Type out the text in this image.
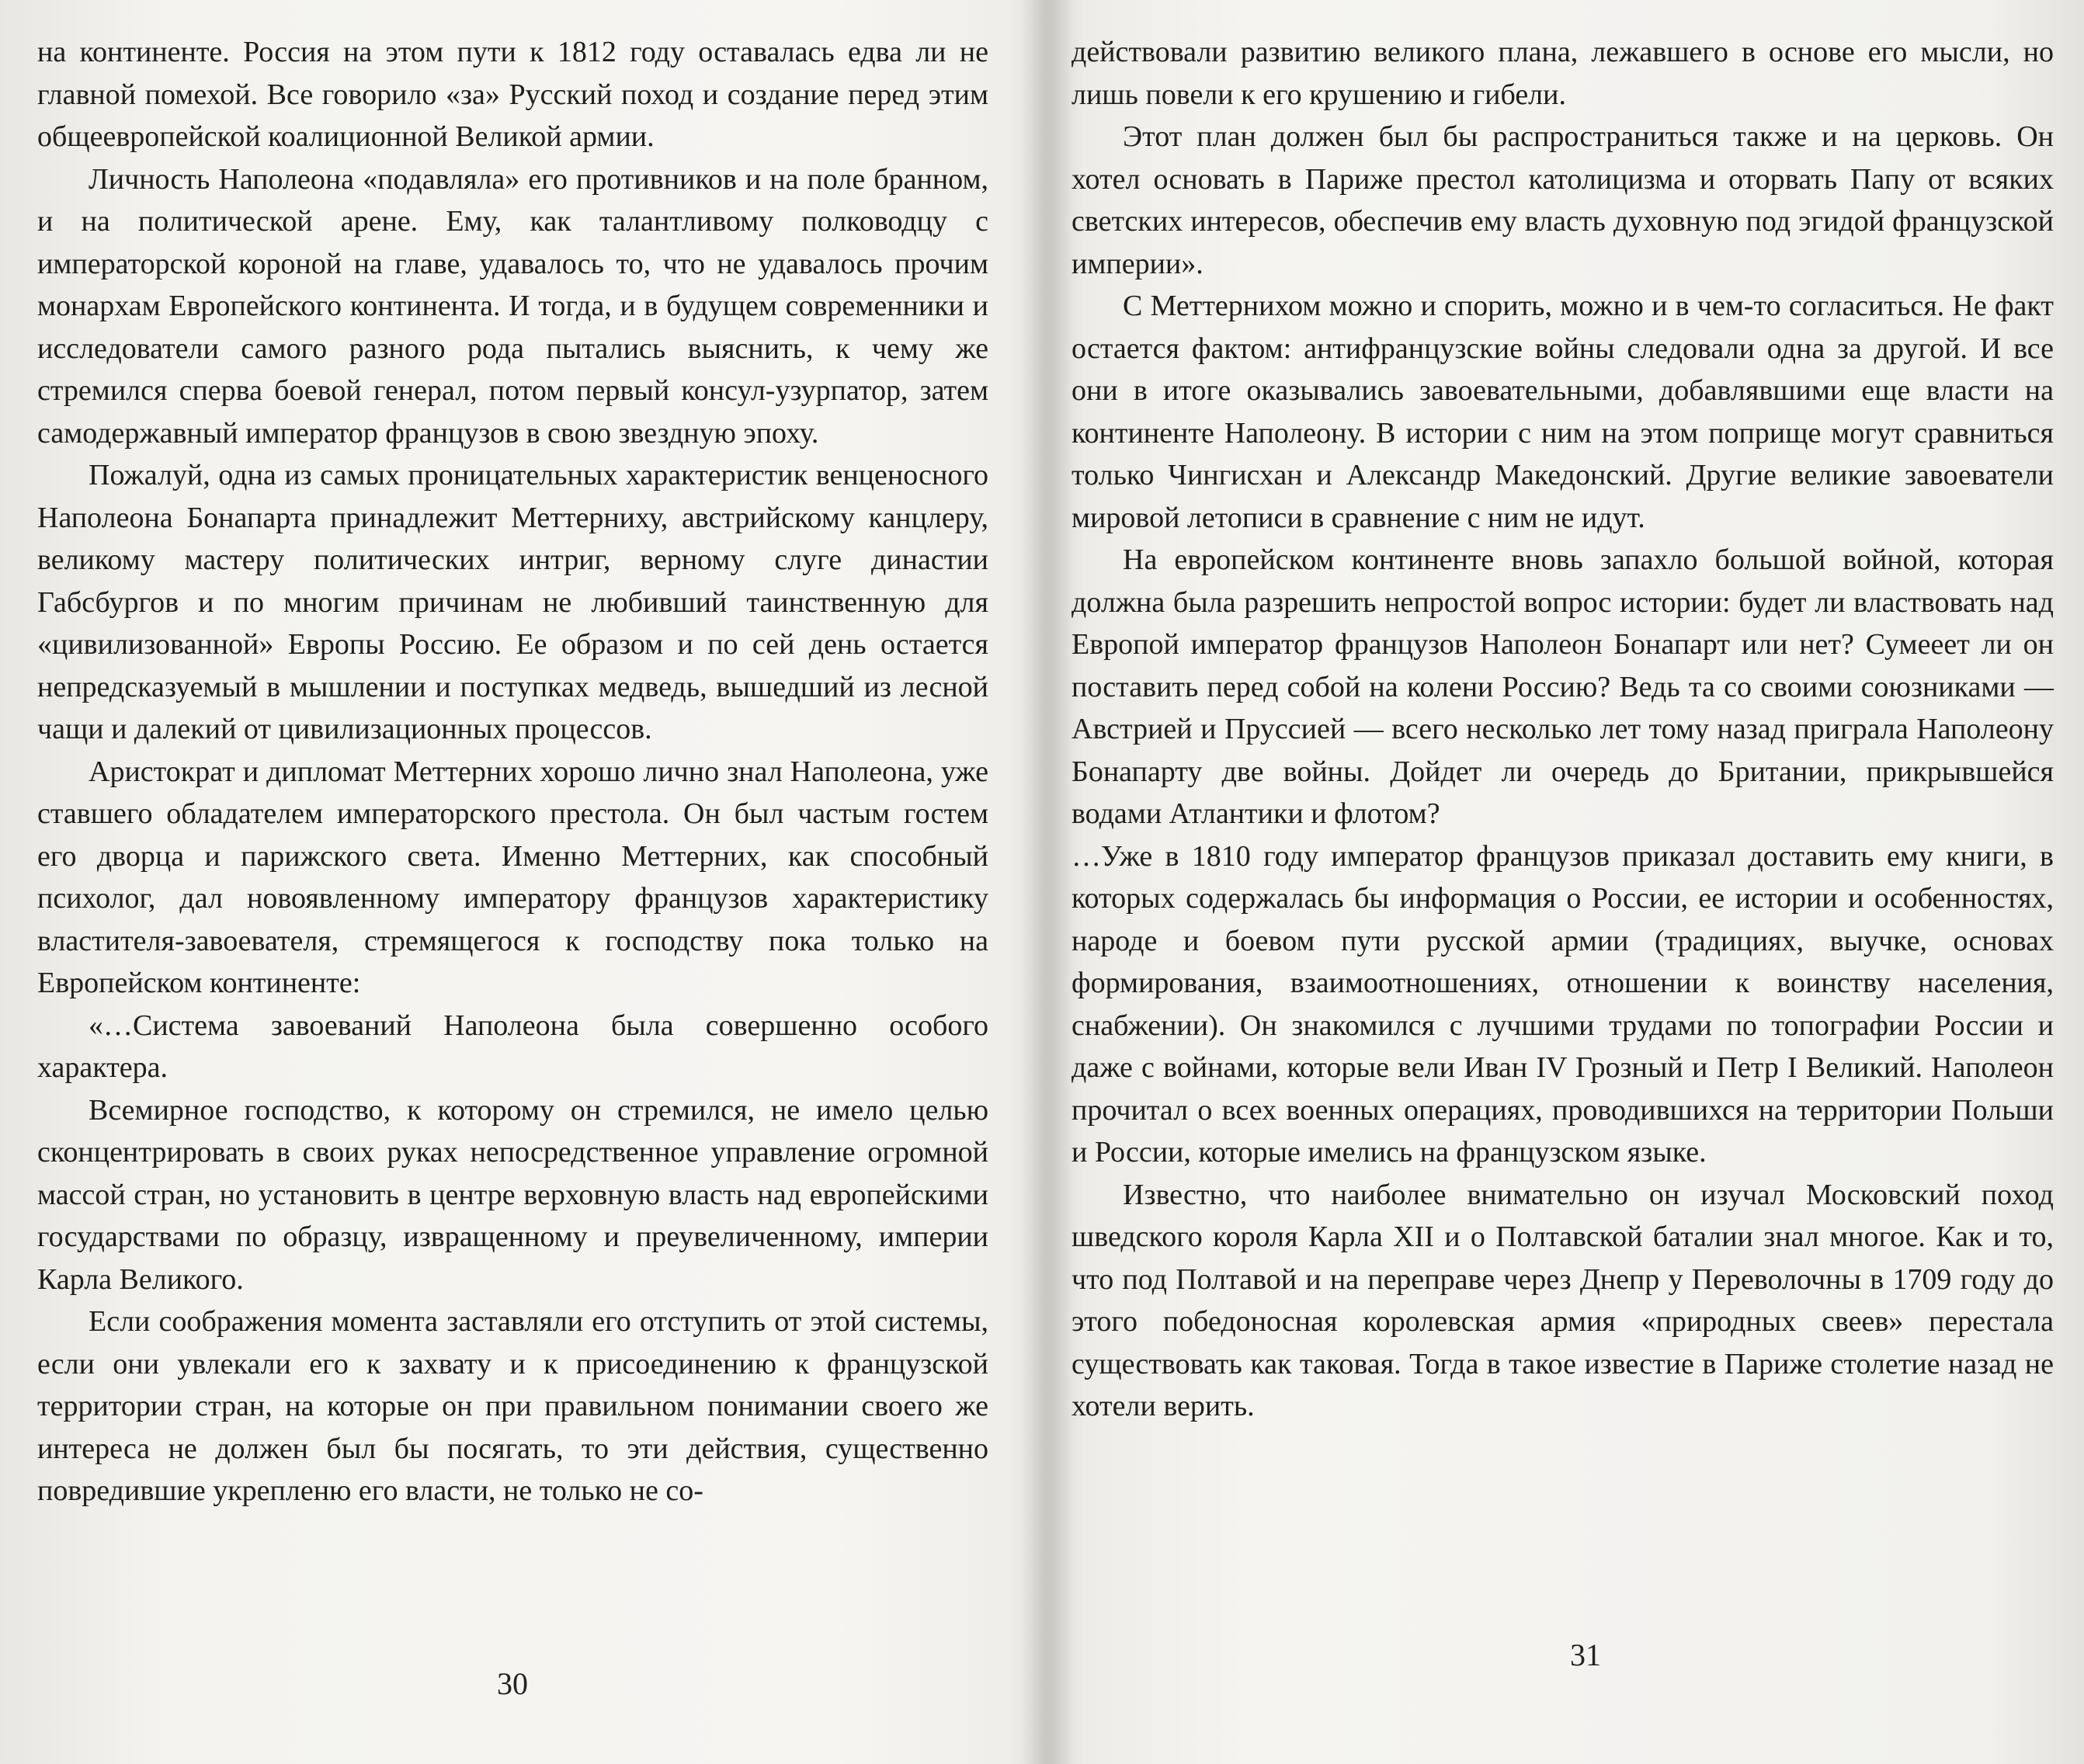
на континенте. Россия на этом пути к 1812 году оставалась едва ли не главной помехой. Все говорило «за» Русский поход и создание перед этим общеевропейской коалиционной Великой армии.

Личность Наполеона «подавляла» его противников и на поле бранном, и на политической арене. Ему, как талантливому полководцу с императорской короной на главе, удавалось то, что не удавалось прочим монархам Европейского континента. И тогда, и в будущем современники и исследователи самого разного рода пытались выяснить, к чему же стремился сперва боевой генерал, потом первый консул-узурпатор, затем самодержавный император французов в свою звездную эпоху.

Пожалуй, одна из самых проницательных характеристик венценосного Наполеона Бонапарта принадлежит Меттерниху, австрийскому канцлеру, великому мастеру политических интриг, верному слуге династии Габсбургов и по многим причинам не любивший таинственную для «цивилизованной» Европы Россию. Ее образом и по сей день остается непредсказуемый в мышлении и поступках медведь, вышедший из лесной чащи и далекий от цивилизационных процессов.

Аристократ и дипломат Меттерних хорошо лично знал Наполеона, уже ставшего обладателем императорского престола. Он был частым гостем его дворца и парижского света. Именно Меттерних, как способный психолог, дал новоявленному императору французов характеристику властителя-завоевателя, стремящегося к господству пока только на Европейском континенте:

«…Система завоеваний Наполеона была совершенно особого характера.

Всемирное господство, к которому он стремился, не имело целью сконцентрировать в своих руках непосредственное управление огромной массой стран, но установить в центре верховную власть над европейскими государствами по образцу, извращенному и преувеличенному, империи Карла Великого.

Если соображения момента заставляли его отступить от этой системы, если они увлекали его к захвату и к присоединению к французской территории стран, на которые он при правильном понимании своего же интереса не должен был бы посягать, то эти действия, существенно повредившие укрепленю его власти, не только не со-

30

действовали развитию великого плана, лежавшего в основе его мысли, но лишь повели к его крушению и гибели.

Этот план должен был бы распространиться также и на церковь. Он хотел основать в Париже престол католицизма и оторвать Папу от всяких светских интересов, обеспечив ему власть духовную под эгидой французской империи».

С Меттернихом можно и спорить, можно и в чем-то согласиться. Не факт остается фактом: антифранцузские войны следовали одна за другой. И все они в итоге оказывались завоевательными, добавлявшими еще власти на континенте Наполеону. В истории с ним на этом поприще могут сравниться только Чингисхан и Александр Македонский. Другие великие завоеватели мировой летописи в сравнение с ним не идут.

На европейском континенте вновь запахло большой войной, которая должна была разрешить непростой вопрос истории: будет ли властвовать над Европой император французов Наполеон Бонапарт или нет? Сумееет ли он поставить перед собой на колени Россию? Ведь та со своими союзниками — Австрией и Пруссией — всего несколько лет тому назад приграла Наполеону Бонапарту две войны. Дойдет ли очередь до Британии, прикрывшейся водами Атлантики и флотом?

…Уже в 1810 году император французов приказал доставить ему книги, в которых содержалась бы информация о России, ее истории и особенностях, народе и боевом пути русской армии (традициях, выучке, основах формирования, взаимоотношениях, отношении к воинству населения, снабжении). Он знакомился с лучшими трудами по топографии России и даже с войнами, которые вели Иван IV Грозный и Петр I Великий. Наполеон прочитал о всех военных операциях, проводившихся на территории Польши и России, которые имелись на французском языке.

Известно, что наиболее внимательно он изучал Московский поход шведского короля Карла XII и о Полтавской баталии знал многое. Как и то, что под Полтавой и на переправе через Днепр у Переволочны в 1709 году до этого победоносная королевская армия «природных свеев» перестала существовать как таковая. Тогда в такое известие в Париже столетие назад не хотели верить.

31
